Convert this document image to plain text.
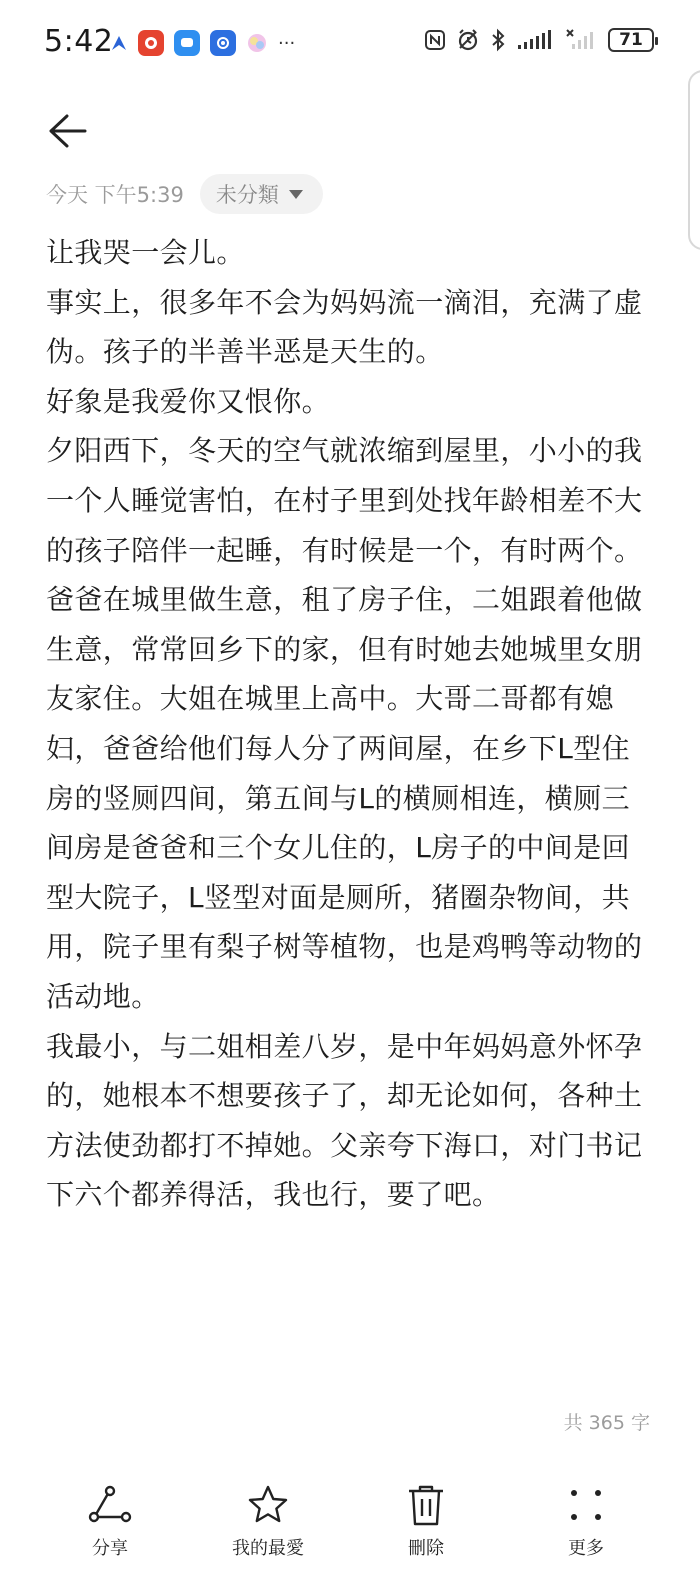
5:42	···	71
今天 下午5:39 未分類

让我哭一会儿。

事实上，很多年不会为妈妈流一滴泪，充满了虚伪。孩子的半善半恶是天生的。

好象是我爱你又恨你。

夕阳西下，冬天的空气就浓缩到屋里，小小的我一个人睡觉害怕，在村子里到处找年龄相差不大的孩子陪伴一起睡，有时候是一个，有时两个。

爸爸在城里做生意，租了房子住，二姐跟着他做生意，常常回乡下的家，但有时她去她城里女朋友家住。大姐在城里上高中。大哥二哥都有媳妇，爸爸给他们每人分了两间屋，在乡下L型住房的竖厕四间，第五间与L的横厕相连，横厕三间房是爸爸和三个女儿住的，L房子的中间是回型大院子，L竖型对面是厕所，猪圈杂物间，共用，院子里有梨子树等植物，也是鸡鸭等动物的活动地。

我最小，与二姐相差八岁，是中年妈妈意外怀孕的，她根本不想要孩子了，却无论如何，各种土方法使劲都打不掉她。父亲夸下海口，对门书记下六个都养得活，我也行，要了吧。

共 365 字
分享	我的最愛	刪除	更多
